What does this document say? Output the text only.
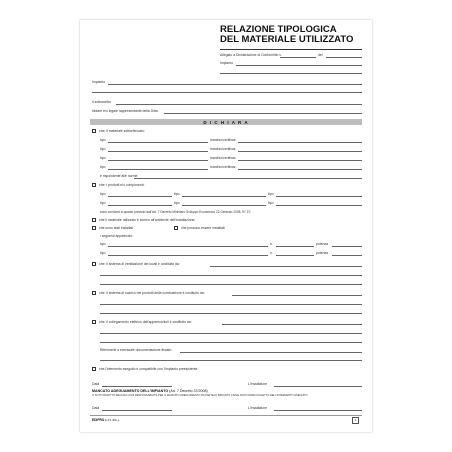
RELAZIONE TIPOLOGICA
DEL MATERIALE UTILIZZATO
Allegato a Dichiarazione di Conformità n.	del
Impianto
Impianto
Il sottoscritto
titolare e/o legale rappresentante della Ditta
D I C H I A R A
che: il materiale sottoelencato:
tipo	marchio/certifcaz.
tipo	marchio/certifcaz.
tipo	marchio/certifcaz.
tipo	marchio/certifcaz.
è rispondente alle norme:
che: i prodotti e/o componenti:
tipo	tipo	tipo
tipo	tipo	tipo
sono conformi a quanto previsto dall'Art. 7 Decreto Ministero Sviluppo Economico 22 Gennaio 2008, N° 37;
che il materiale utilizzato è idoneo all'ambiente dell'installazione;
che sono stati installati	che possono essere installati
i seguenti apparecchi:
tipo	n.	potenza
tipo	n.	potenza
che: il sistema di ventilazione dei locali è costituito da:
che: il sistema di scarico dei prodotti della combustione è costituito da:
che: il collegamento elettrico dell'apparecchio/i è costituito da:
Riferimenti a eventuale documentazione fiscale:
che l'intervento eseguito è compatibile con l'impianto preesistente.
Data	L'Installatore
MANCATO ADEGUAMENTO DELL'IMPIANTO (Art. 7 Decreto 37/2008)
IL SOTTOSCRITTO DECLINA OGNI RESPONSABILITÀ PER IL MANCATO ADEGUAMENTO DA PARTE DI IMPIANTO CIVILE NON FORMA OGGETTO DELL'INTERVENTO ESEGUITO
Data	L'Installatore
EDIPRO E.6/1 iBlu.p	1
